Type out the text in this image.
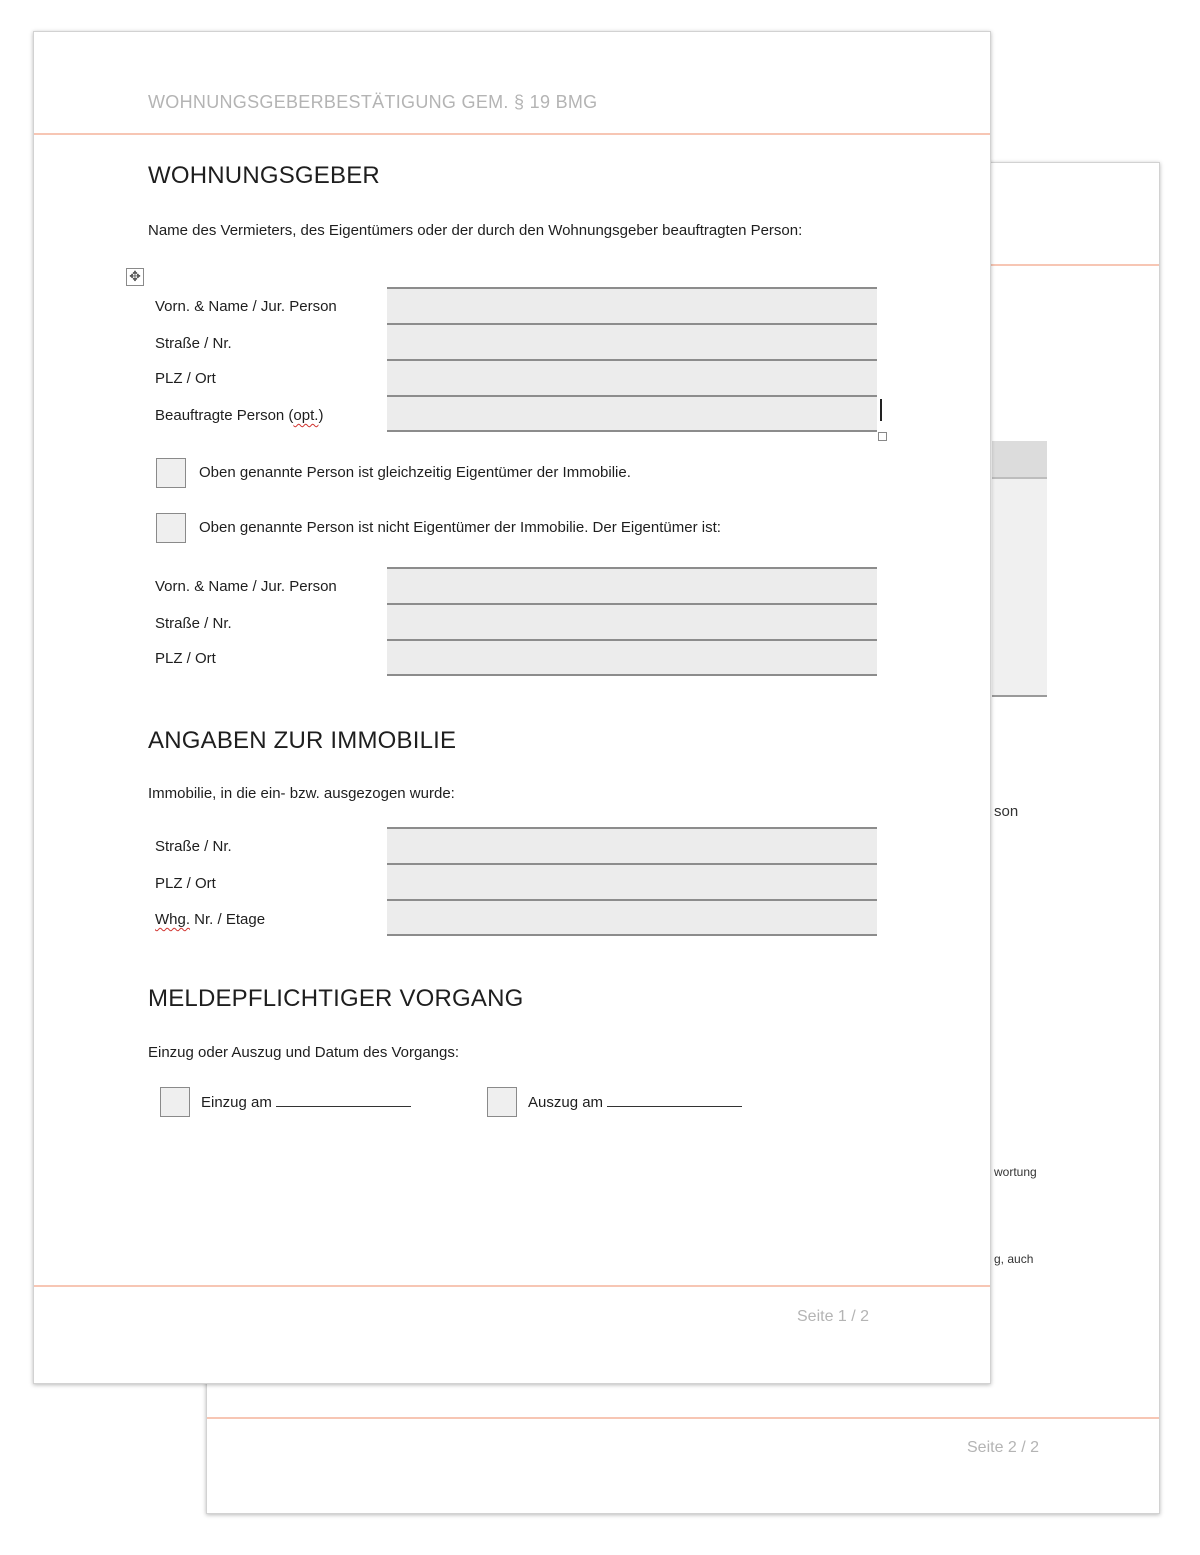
son
wortung
g, auch
Seite 2 / 2
WOHNUNGSGEBERBESTÄTIGUNG GEM. § 19 BMG
WOHNUNGSGEBER
Name des Vermieters, des Eigentümers oder der durch den Wohnungsgeber beauftragten Person:
✥
Vorn. & Name / Jur. Person
Straße / Nr.
PLZ / Ort
Beauftragte Person (opt.)
Oben genannte Person ist gleichzeitig Eigentümer der Immobilie.
Oben genannte Person ist nicht Eigentümer der Immobilie. Der Eigentümer ist:
Vorn. & Name / Jur. Person
Straße / Nr.
PLZ / Ort
ANGABEN ZUR IMMOBILIE
Immobilie, in die ein- bzw. ausgezogen wurde:
Straße / Nr.
PLZ / Ort
Whg. Nr. / Etage
MELDEPFLICHTIGER VORGANG
Einzug oder Auszug und Datum des Vorgangs:
Einzug am	Auszug am
Seite 1 / 2
